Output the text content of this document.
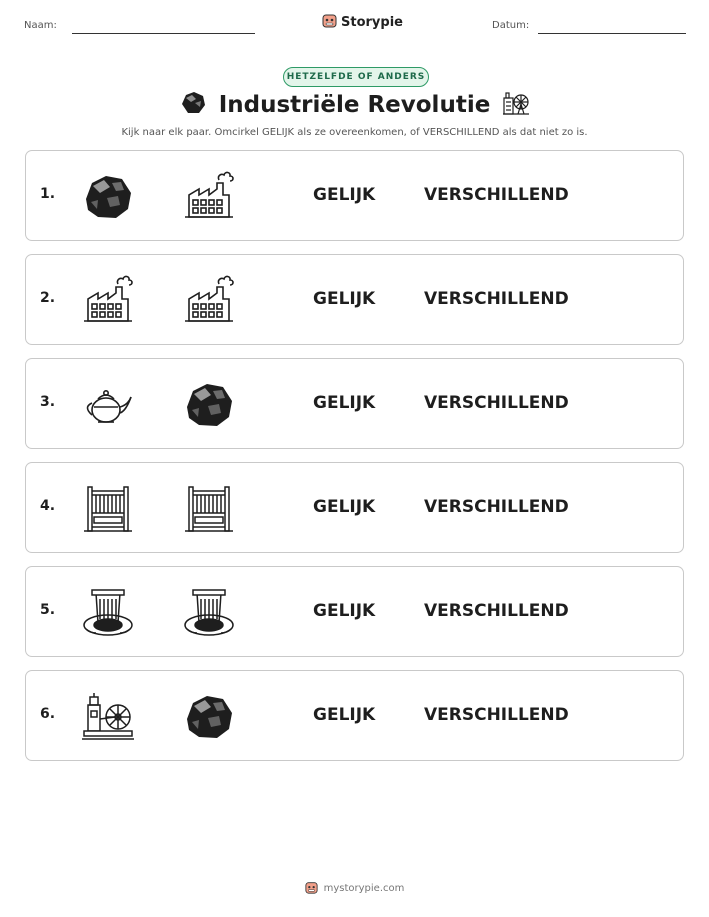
Naam:	Storypie	Datum:
HETZELFDE OF ANDERS
Industriële Revolutie
Kijk naar elk paar. Omcirkel GELIJK als ze overeenkomen, of VERSCHILLEND als dat niet zo is.
1.	GELIJK	VERSCHILLEND
2.	GELIJK	VERSCHILLEND
3.	GELIJK	VERSCHILLEND
4.	GELIJK	VERSCHILLEND
5.	GELIJK	VERSCHILLEND
6.	GELIJK	VERSCHILLEND
mystorypie.com
